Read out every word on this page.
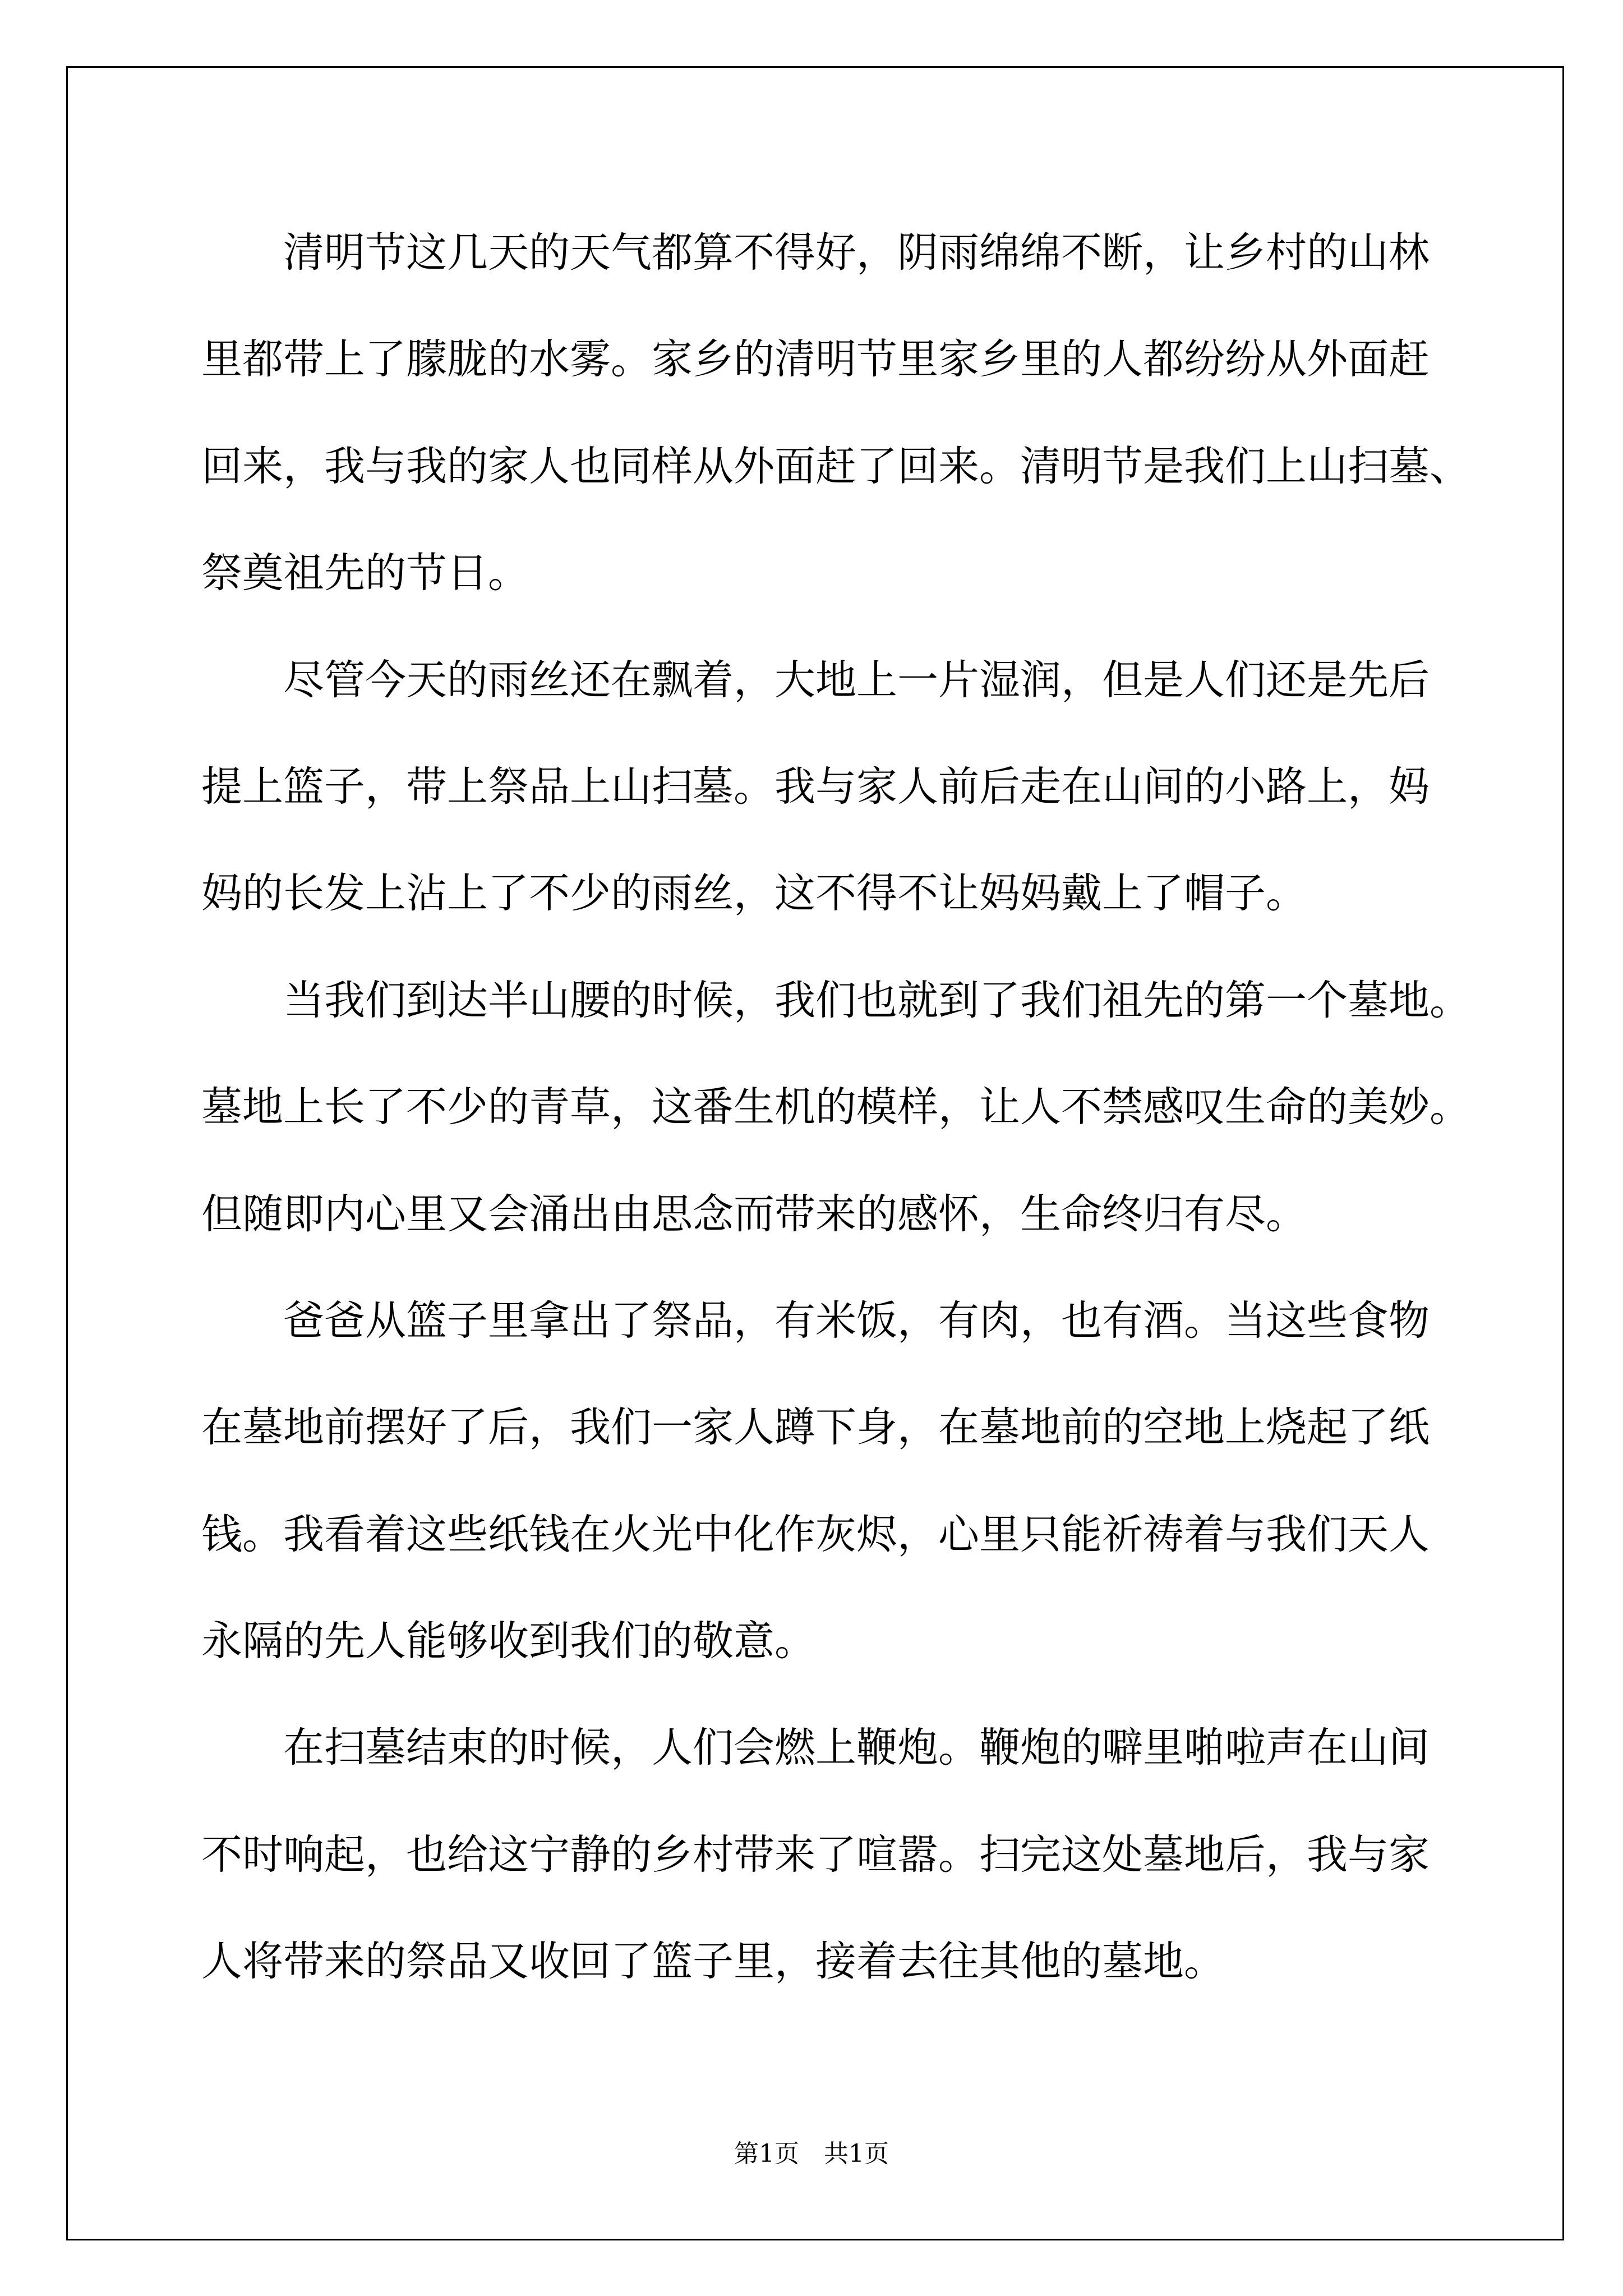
清明节这几天的天气都算不得好，阴雨绵绵不断，让乡村的山林
里都带上了朦胧的水雾。家乡的清明节里家乡里的人都纷纷从外面赶
回来，我与我的家人也同样从外面赶了回来。清明节是我们上山扫墓、
祭奠祖先的节日。
尽管今天的雨丝还在飘着，大地上一片湿润，但是人们还是先后
提上篮子，带上祭品上山扫墓。我与家人前后走在山间的小路上，妈
妈的长发上沾上了不少的雨丝，这不得不让妈妈戴上了帽子。
当我们到达半山腰的时候，我们也就到了我们祖先的第一个墓地。
墓地上长了不少的青草，这番生机的模样，让人不禁感叹生命的美妙。
但随即内心里又会涌出由思念而带来的感怀，生命终归有尽。
爸爸从篮子里拿出了祭品，有米饭，有肉，也有酒。当这些食物
在墓地前摆好了后，我们一家人蹲下身，在墓地前的空地上烧起了纸
钱。我看着这些纸钱在火光中化作灰烬，心里只能祈祷着与我们天人
永隔的先人能够收到我们的敬意。
在扫墓结束的时候，人们会燃上鞭炮。鞭炮的噼里啪啦声在山间
不时响起，也给这宁静的乡村带来了喧嚣。扫完这处墓地后，我与家
人将带来的祭品又收回了篮子里，接着去往其他的墓地。
第1页 共1页
